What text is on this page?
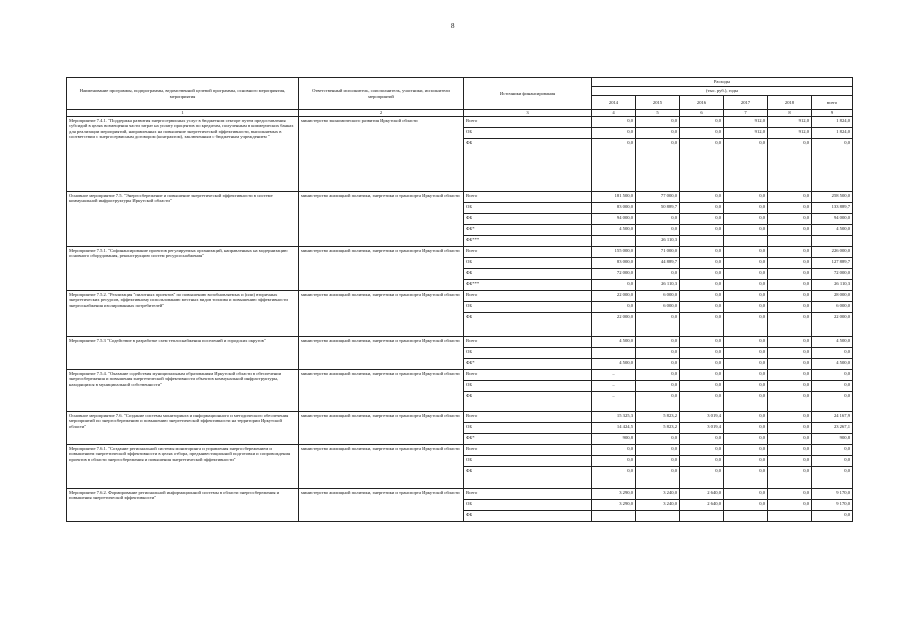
8
Наименование программы, подпрограммы, ведомственной целевой программы, основного мероприятия, мероприятия	Ответственный исполнитель, соисполнитель, участники, исполнители мероприятий	Источники финансирования	Расходы					
			(тыс. руб.), годы					
			2014	2015	2016	2017	2018	всего
1	2	3	4	5	6	7	8	9
Мероприятие 7.4.1. "Поддержка развития энергосервисных услуг в бюджетном секторе путем предоставления субсидий в целях возмещения части затрат на уплату процентов по кредитам, полученным в коммерческих банках для реализации мероприятий, направленных на повышение энергетической эффективности, выполняемых в соответствии с энергосервисным договором (контрактом), заключенным с бюджетным учреждением "	министерство экономического развития Иркутской области	Всего	0,0	0,0	0,0	912,0	912,0	1 824,0
		ОБ	0,0	0,0	0,0	912,0	912,0	1 824,0
		ФБ	0,0	0,0	0,0	0,0	0,0	0,0
Основное мероприятие 7.5. "Энергосбережение и повышение энергетической эффективности в системе коммунальной инфраструктуры Иркутской области"	министерство жилищной политики, энергетики и транспорта Иркутской области	Всего	181 500,0	77 000,0	0,0	0,0	0,0	258 500,0
		ОБ	83 000,0	50 889,7	0,0	0,0	0,0	133 889,7
		ФБ	94 000,0	0,0	0,0	0,0	0,0	94 000,0
		ФБ*	4 500,0	0,0	0,0	0,0	0,0	4 500,0
		ФБ***		26 110,3				
Мероприятие 7.5.1. "Софинансирование проектов регулируемых организаций, направленных на модернизацию основного оборудования, реконструкцию систем ресурсоснабжения"	министерство жилищной политики, энергетики и транспорта Иркутской области	Всего	155 000,0	71 000,0	0,0	0,0	0,0	226 000,0
		ОБ	83 000,0	44 889,7	0,0	0,0	0,0	127 889,7
		ФБ	72 000,0	0,0	0,0	0,0	0,0	72 000,0
		ФБ***	0,0	26 110,3	0,0	0,0	0,0	26 110,3
Мероприятие 7.5.2. "Реализация "пилотных проектов" по повышению возобновляемых и (или) вторичных энергетических ресурсов, эффективному использованию местных видов топлива и повышению эффективности энергоснабжения изолированных потребителей"	министерство жилищной политики, энергетики и транспорта Иркутской области	Всего	22 000,0	6 000,0	0,0	0,0	0,0	28 000,0
		ОБ	0,0	6 000,0	0,0	0,0	0,0	6 000,0
		ФБ	22 000,0	0,0	0,0	0,0	0,0	22 000,0
Мероприятие 7.5.3 "Содействие в разработке схем теплоснабжения поселений и городских округов"	министерство жилищной политики, энергетики и транспорта Иркутской области	Всего	4 500,0	0,0	0,0	0,0	0,0	4 500,0
		ОБ		0,0	0,0	0,0	0,0	0,0
		ФБ*	4 500,0	0,0	0,0	0,0	0,0	4 500,0
Мероприятие 7.5.4. "Оказание содействия муниципальным образованиям Иркутской области в обеспечении энергосбережения и повышения энергетической эффективности объектов коммунальной инфраструктуры, находящихся в муниципальной собственности"	министерство жилищной политики, энергетики и транспорта Иркутской области	Всего	–	0,0	0,0	0,0	0,0	0,0
		ОБ	–	0,0	0,0	0,0	0,0	0,0
		ФБ	–	0,0	0,0	0,0	0,0	0,0
Основное мероприятие 7.6. "Создание системы мониторинга и информационного и методического обеспечения мероприятий по энергосбережению и повышению энергетической эффективности на территории Иркутской области"	министерство жилищной политики, энергетики и транспорта Иркутской области	Всего	15 325,3	5 823,2	3 019,4	0,0	0,0	24 167,9
		ОБ	14 424,5	5 823,2	3 019,4	0,0	0,0	23 267,1
		ФБ*	900,8	0,0	0,0	0,0	0,0	900,8
Мероприятие 7.6.1. "Создание региональной системы мониторинга и управления энергосбережением и повышением энергетической эффективности в целях отбора, предынвестиционной подготовки и сопровождения проектов в области энергосбережения и повышения энергетической эффективности"	министерство жилищной политики, энергетики и транспорта Иркутской области	Всего	0,0	0,0	0,0	0,0	0,0	0,0
		ОБ	0,0	0,0	0,0	0,0	0,0	0,0
		ФБ	0,0	0,0	0,0	0,0	0,0	0,0
Мероприятие 7.6.2. Формирование региональной информационной системы в области энергосбережения и повышения энергетической эффективности"	министерство жилищной политики, энергетики и транспорта Иркутской области	Всего	3 290,0	3 240,0	2 640,0	0,0	0,0	9 170,0
		ОБ	3 290,0	3 240,0	2 640,0	0,0	0,0	9 170,0
		ФБ						0,0
